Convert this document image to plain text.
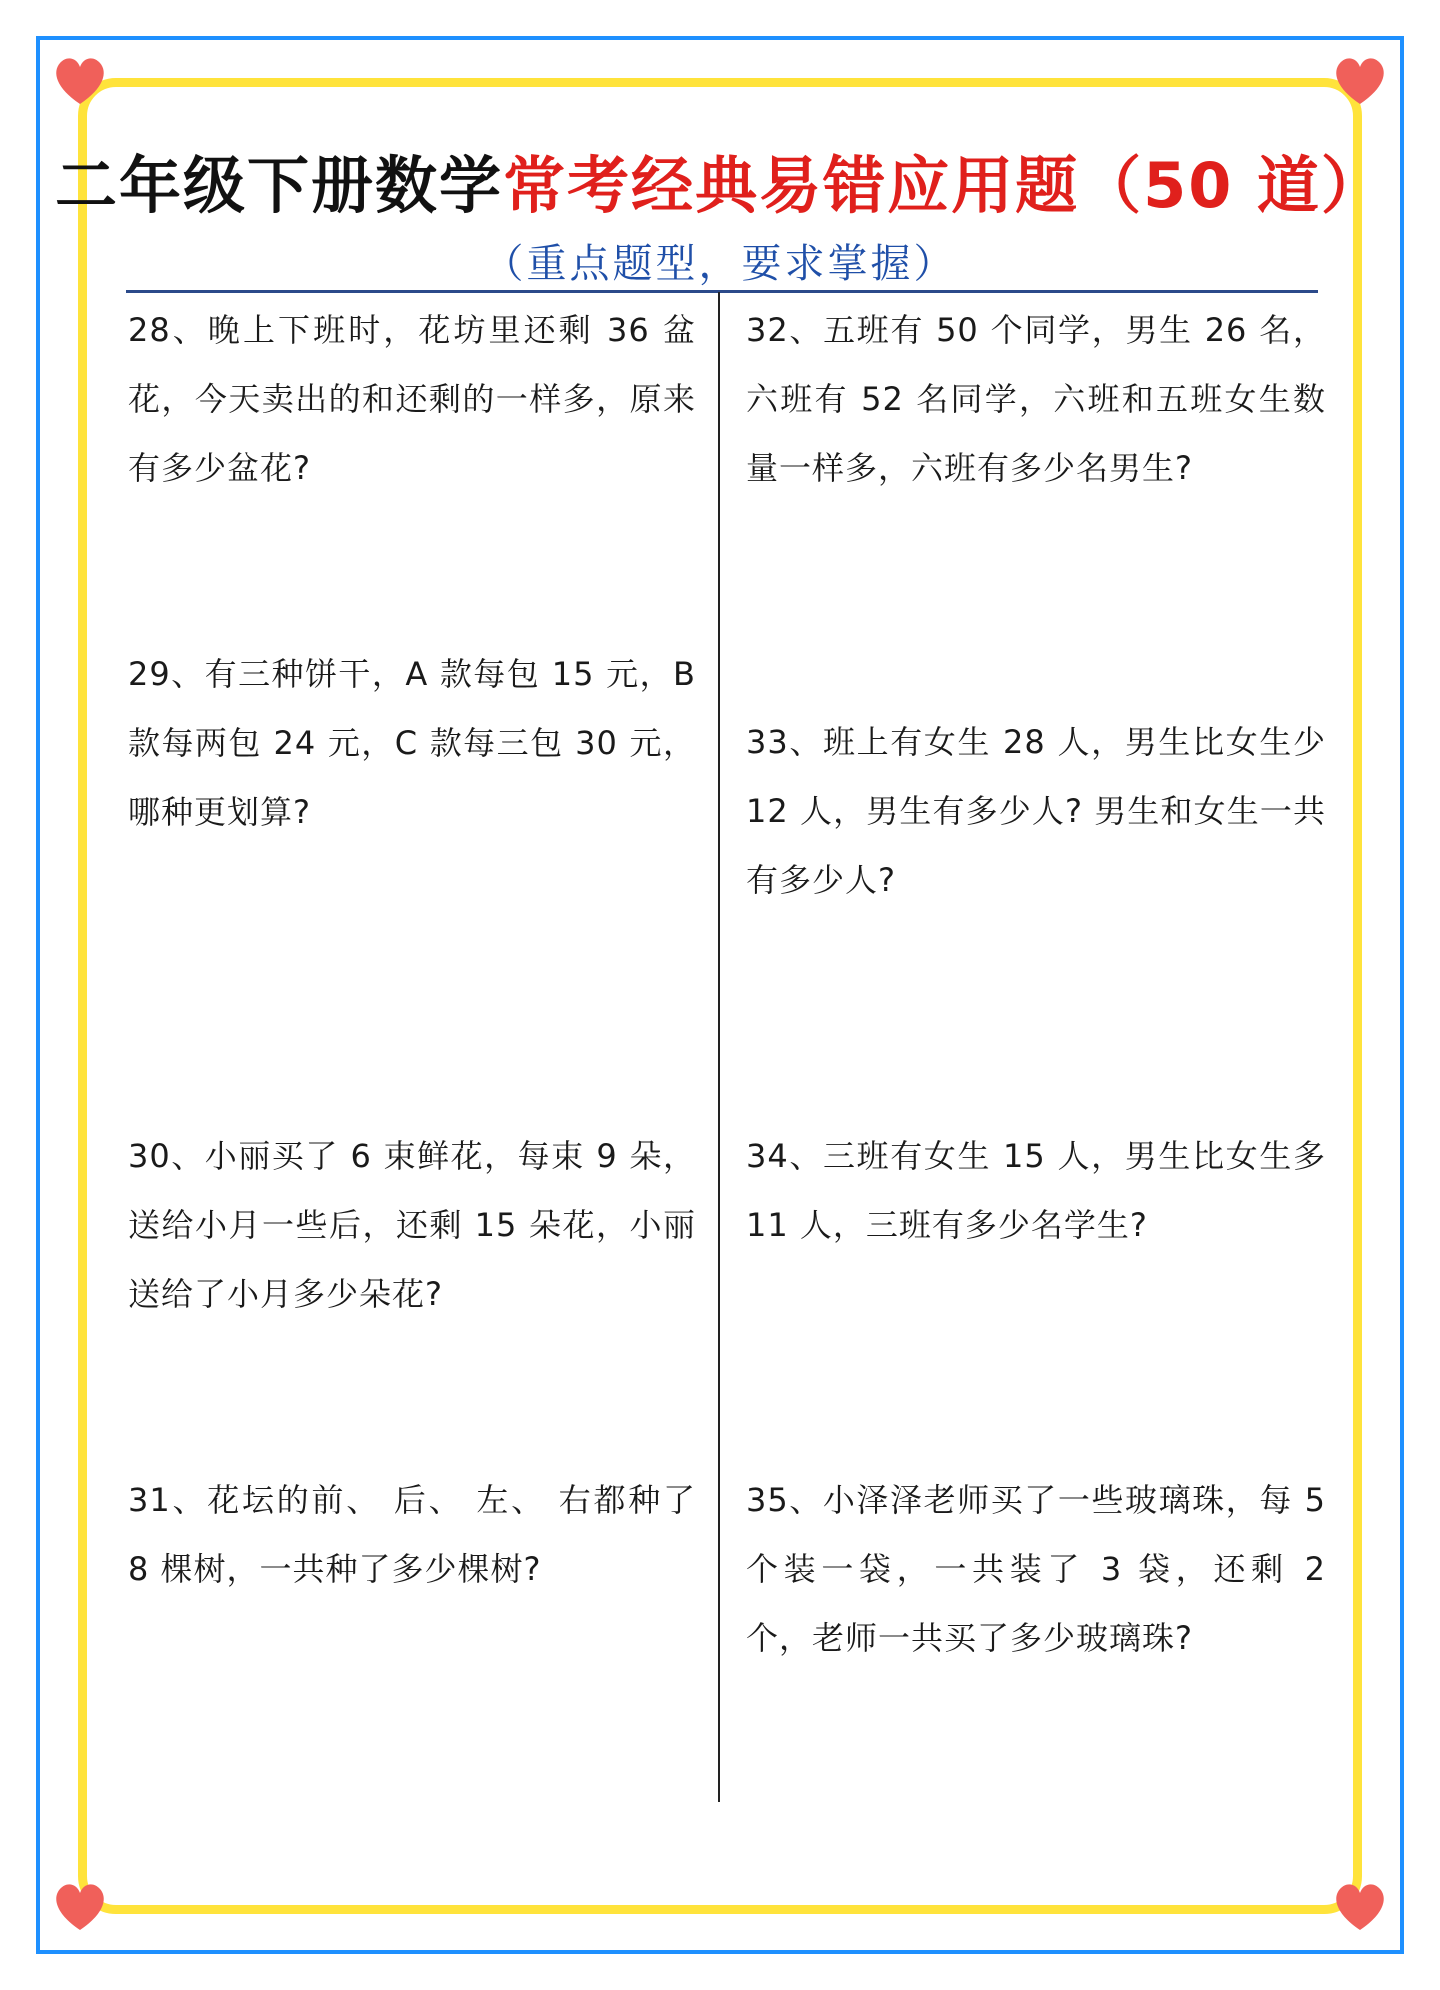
二年级下册数学常考经典易错应用题（50 道）
（重点题型，要求掌握）
28、晚上下班时，花坊里还剩 36 盆花，今天卖出的和还剩的一样多，原来有多少盆花?
29、有三种饼干，A 款每包 15 元，B 款每两包 24 元，C 款每三包 30 元，哪种更划算?
30、小丽买了 6 束鲜花，每束 9 朵，送给小月一些后，还剩 15 朵花，小丽送给了小月多少朵花?
31、花坛的前、 后、 左、 右都种了 8 棵树，一共种了多少棵树?
32、五班有 50 个同学，男生 26 名，六班有 52 名同学，六班和五班女生数量一样多，六班有多少名男生?
33、班上有女生 28 人，男生比女生少 12 人，男生有多少人? 男生和女生一共有多少人?
34、三班有女生 15 人，男生比女生多 11 人，三班有多少名学生?
35、小泽泽老师买了一些玻璃珠，每 5 个装一袋，一共装了 3 袋，还剩 2 个，老师一共买了多少玻璃珠?
